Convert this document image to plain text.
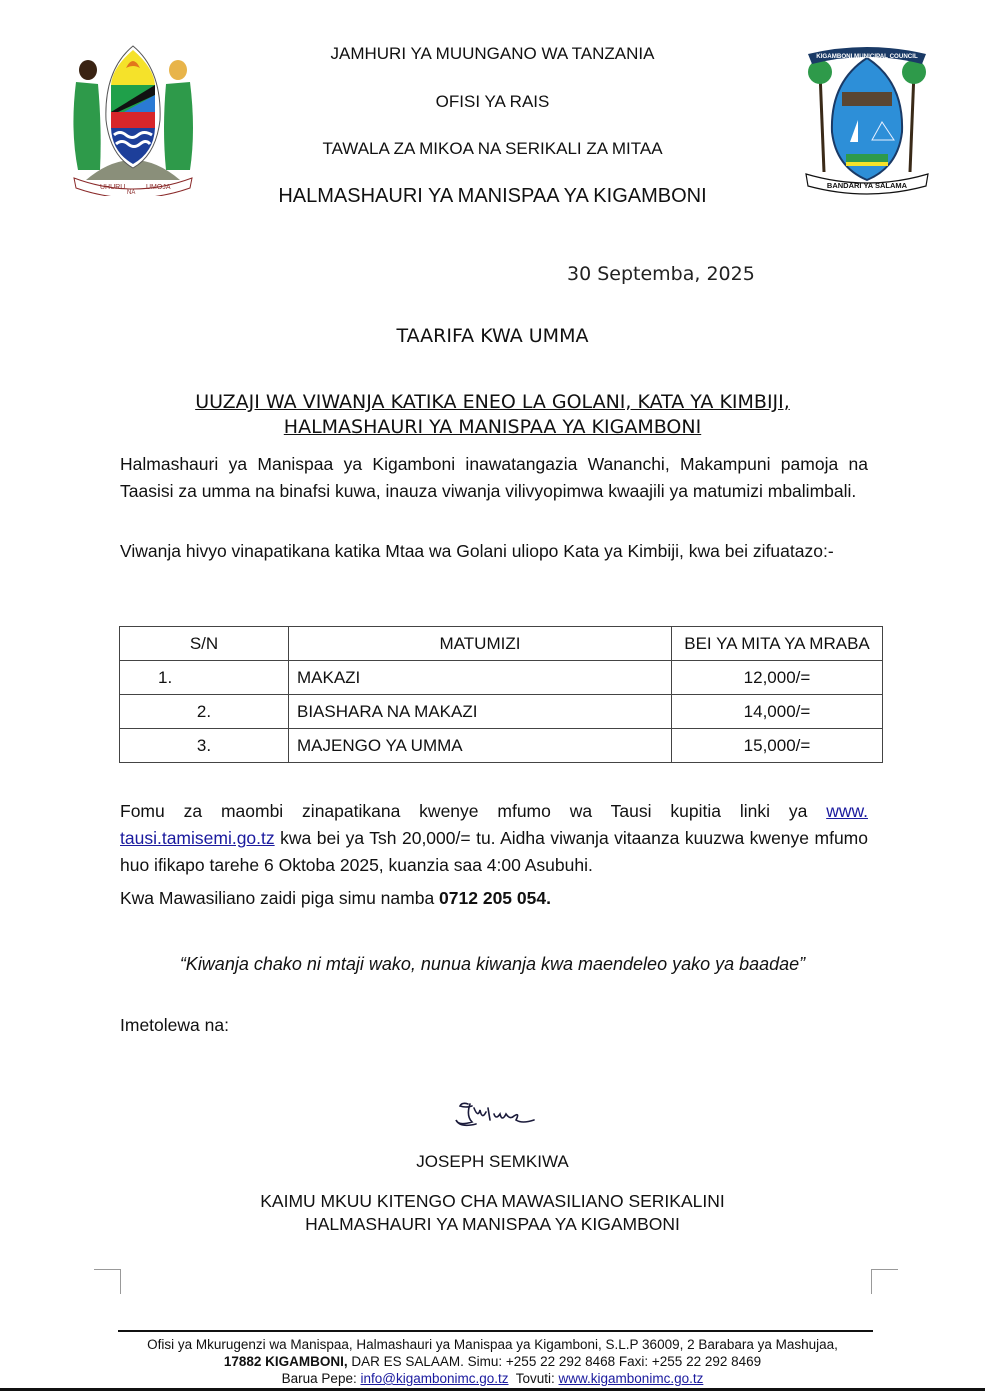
UHURU
NA
UMOJA
KIGAMBONI MUNICIPAL COUNCIL
BANDARI YA SALAMA
JAMHURI YA MUUNGANO WA TANZANIA
OFISI YA RAIS
TAWALA ZA MIKOA NA SERIKALI ZA MITAA
HALMASHAURI YA MANISPAA YA KIGAMBONI
30 Septemba, 2025
TAARIFA KWA UMMA
UUZAJI WA VIWANJA KATIKA ENEO LA GOLANI, KATA YA KIMBIJI,
HALMASHAURI YA MANISPAA YA KIGAMBONI

Halmashauri ya Manispaa ya Kigamboni inawatangazia Wananchi, Makampuni pamoja na Taasisi za umma na binafsi kuwa, inauza viwanja vilivyopimwa kwaajili ya matumizi mbalimbali.

Viwanja hivyo vinapatikana katika Mtaa wa Golani uliopo Kata ya Kimbiji, kwa bei zifuatazo:-

S/N	MATUMIZI	BEI YA MITA YA MRABA
1.	MAKAZI	12,000/=
2.	BIASHARA NA MAKAZI	14,000/=
3.	MAJENGO YA UMMA	15,000/=

Fomu za maombi zinapatikana kwenye mfumo wa Tausi kupitia linki ya www. tausi.tamisemi.go.tz kwa bei ya Tsh 20,000/= tu. Aidha viwanja vitaanza kuuzwa kwenye mfumo huo ifikapo tarehe 6 Oktoba 2025, kuanzia saa 4:00 Asubuhi.

Kwa Mawasiliano zaidi piga simu namba 0712 205 054.

“Kiwanja chako ni mtaji wako, nunua kiwanja kwa maendeleo yako ya baadae”
Imetolewa na:
JOSEPH SEMKIWA
KAIMU MKUU KITENGO CHA MAWASILIANO SERIKALINI
HALMASHAURI YA MANISPAA YA KIGAMBONI
Ofisi ya Mkurugenzi wa Manispaa, Halmashauri ya Manispaa ya Kigamboni, S.L.P 36009, 2 Barabara ya Mashujaa,
17882 KIGAMBONI, DAR ES SALAAM. Simu: +255 22 292 8468 Faxi: +255 22 292 8469
Barua Pepe: info@kigambonimc.go.tz  Tovuti: www.kigambonimc.go.tz
